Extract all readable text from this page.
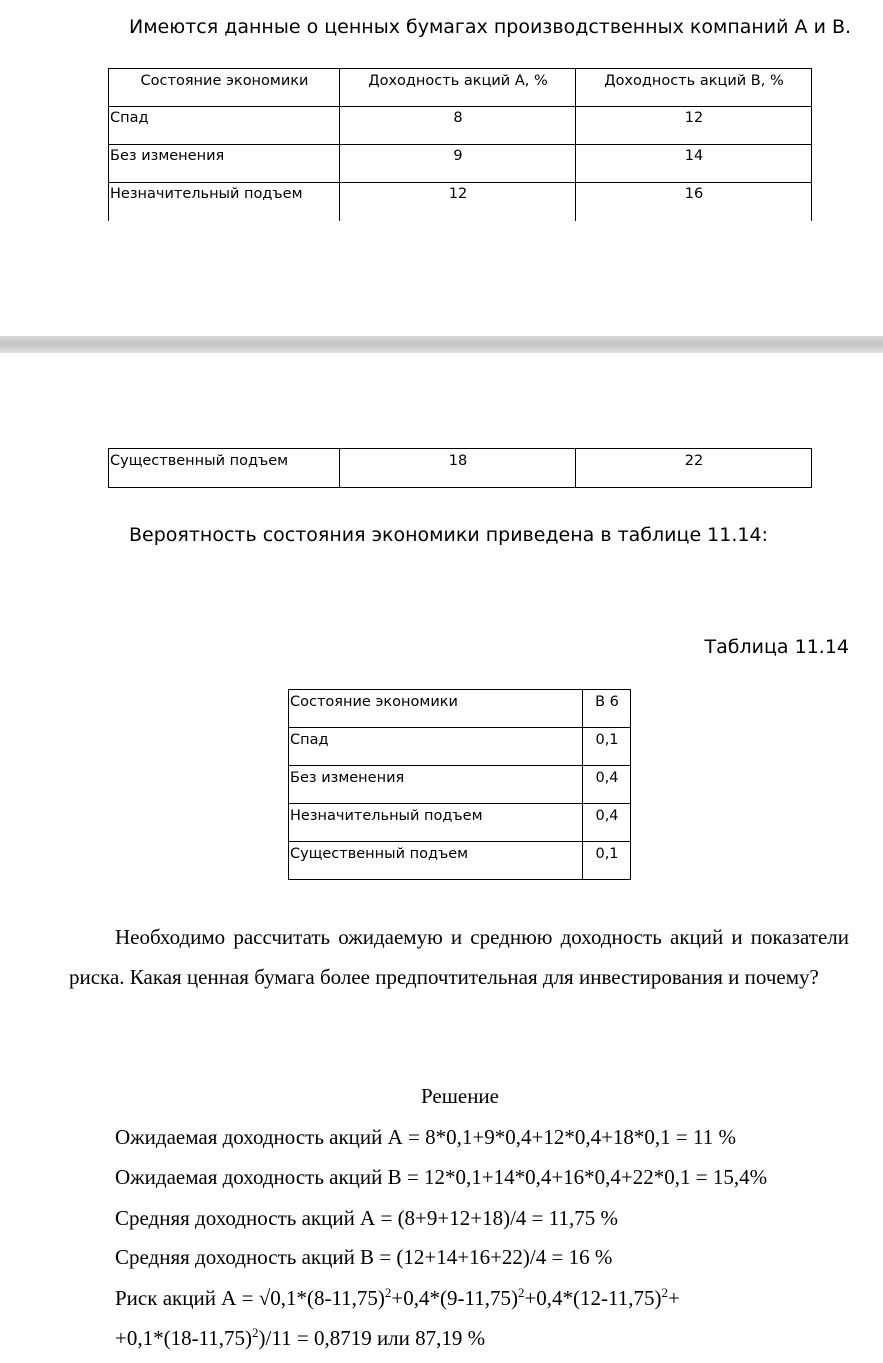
Имеются данные о ценных бумагах производственных компаний А и В.
Состояние экономики	Доходность акций А, %	Доходность акций В, %
Спад	8	12
Без изменения	9	14
Незначительный подъем	12	16
Существенный подъем	18	22
Вероятность состояния экономики приведена в таблице 11.14:
Таблица 11.14
Состояние экономики	В 6
Спад	0,1
Без изменения	0,4
Незначительный подъем	0,4
Существенный подъем	0,1
Необходимо рассчитать ожидаемую и среднюю доходность акций и показатели риска. Какая ценная бумага более предпочтительная для инвестирования и почему?
Решение
Ожидаемая доходность акций А = 8*0,1+9*0,4+12*0,4+18*0,1 = 11 %
Ожидаемая доходность акций В = 12*0,1+14*0,4+16*0,4+22*0,1 = 15,4%
Средняя доходность акций А = (8+9+12+18)/4 = 11,75 %
Средняя доходность акций В = (12+14+16+22)/4 = 16 %
Риск акций $А = √0,1*(8-11,75)^2+0,4*(9-11,75)^2+0,4*(12-11,75)^2+$
$+0,1*(18-11,75)^2)/11 = 0,8719$ или 87,19 %
